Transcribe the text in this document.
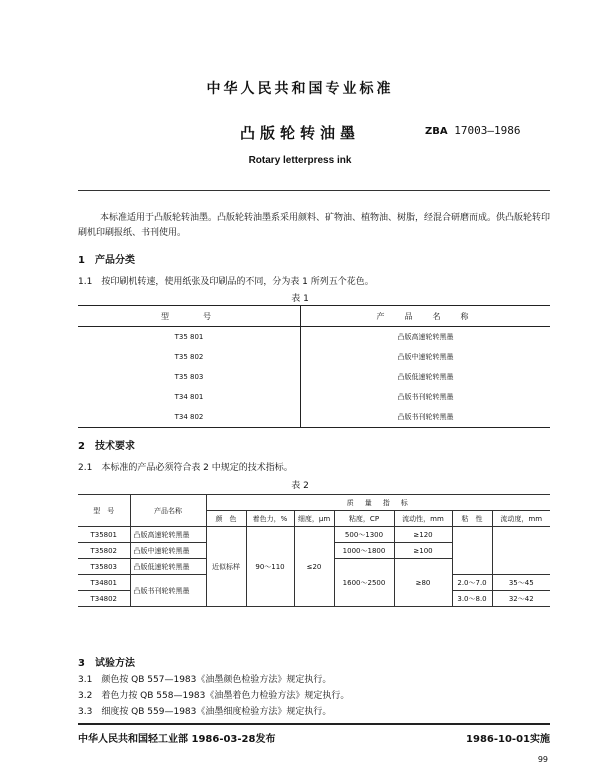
中华人民共和国专业标准
凸版轮转油墨	ZBA 17003—1986
Rotary letterpress ink
本标准适用于凸版轮转油墨。凸版轮转油墨系采用颜料、矿物油、植物油、树脂，经混合研磨而成。供凸版轮转印刷机印刷报纸、书刊使用。
1　产品分类
1.1　按印刷机转速，使用纸张及印刷品的不同，分为表 1 所列五个花色。
表 1
型　　号	产　品　名　称
T35 801	凸版高速轮转黑墨
T35 802	凸版中速轮转黑墨
T35 803	凸版低速轮转黑墨
T34 801	凸版书刊轮转黑墨
T34 802	凸版书刊轮转黑墨
2　技术要求
2.1　本标准的产品必须符合表 2 中规定的技术指标。
表 2
型　号	产品名称	质　量　指　标						
		颜　色	着色力，%	细度，μm	粘度，CP	流动性，mm	粘　性	流动度，mm
T35801	凸版高速轮转黑墨	近似标样	90～110	≤20	500～1300	≥120		
T35802	凸版中速轮转黑墨				1000～1800	≥100		
T35803	凸版低速轮转黑墨				1600～2500	≥80		
T34801	凸版书刊轮转黑墨						2.0～7.0	35～45
T34802							3.0～8.0	32～42
3　试验方法
3.1　颜色按 QB 557—1983《油墨颜色检验方法》规定执行。
3.2　着色力按 QB 558—1983《油墨着色力检验方法》规定执行。
3.3　细度按 QB 559—1983《油墨细度检验方法》规定执行。
中华人民共和国轻工业部 1986-03-28发布	1986-10-01实施
99
